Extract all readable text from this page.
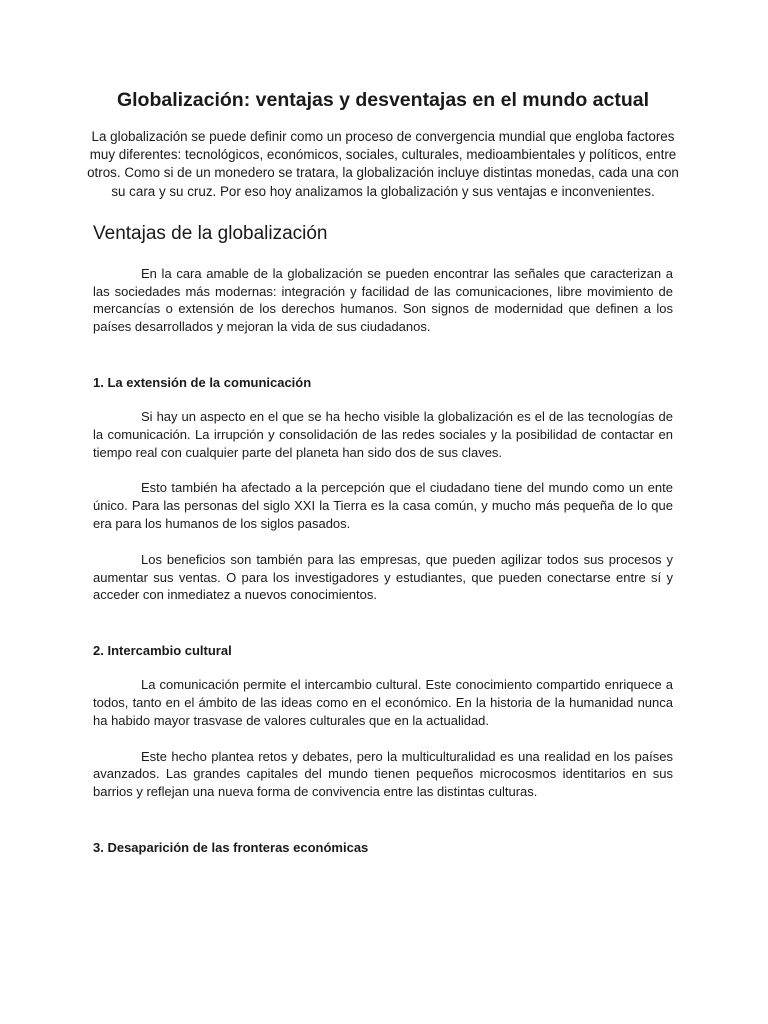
Globalización: ventajas y desventajas en el mundo actual

La globalización se puede definir como un proceso de convergencia mundial que engloba factores muy diferentes: tecnológicos, económicos, sociales, culturales, medioambientales y políticos, entre otros. Como si de un monedero se tratara, la globalización incluye distintas monedas, cada una con su cara y su cruz. Por eso hoy analizamos la globalización y sus ventajas e inconvenientes.

Ventajas de la globalización

En la cara amable de la globalización se pueden encontrar las señales que caracterizan a las sociedades más modernas: integración y facilidad de las comunicaciones, libre movimiento de mercancías o extensión de los derechos humanos. Son signos de modernidad que definen a los países desarrollados y mejoran la vida de sus ciudadanos.

1. La extensión de la comunicación

Si hay un aspecto en el que se ha hecho visible la globalización es el de las tecnologías de la comunicación. La irrupción y consolidación de las redes sociales y la posibilidad de contactar en tiempo real con cualquier parte del planeta han sido dos de sus claves.

Esto también ha afectado a la percepción que el ciudadano tiene del mundo como un ente único. Para las personas del siglo XXI la Tierra es la casa común, y mucho más pequeña de lo que era para los humanos de los siglos pasados.

Los beneficios son también para las empresas, que pueden agilizar todos sus procesos y aumentar sus ventas. O para los investigadores y estudiantes, que pueden conectarse entre sí y acceder con inmediatez a nuevos conocimientos.

2. Intercambio cultural

La comunicación permite el intercambio cultural. Este conocimiento compartido enriquece a todos, tanto en el ámbito de las ideas como en el económico. En la historia de la humanidad nunca ha habido mayor trasvase de valores culturales que en la actualidad.

Este hecho plantea retos y debates, pero la multiculturalidad es una realidad en los países avanzados. Las grandes capitales del mundo tienen pequeños microcosmos identitarios en sus barrios y reflejan una nueva forma de convivencia entre las distintas culturas.

3. Desaparición de las fronteras económicas
